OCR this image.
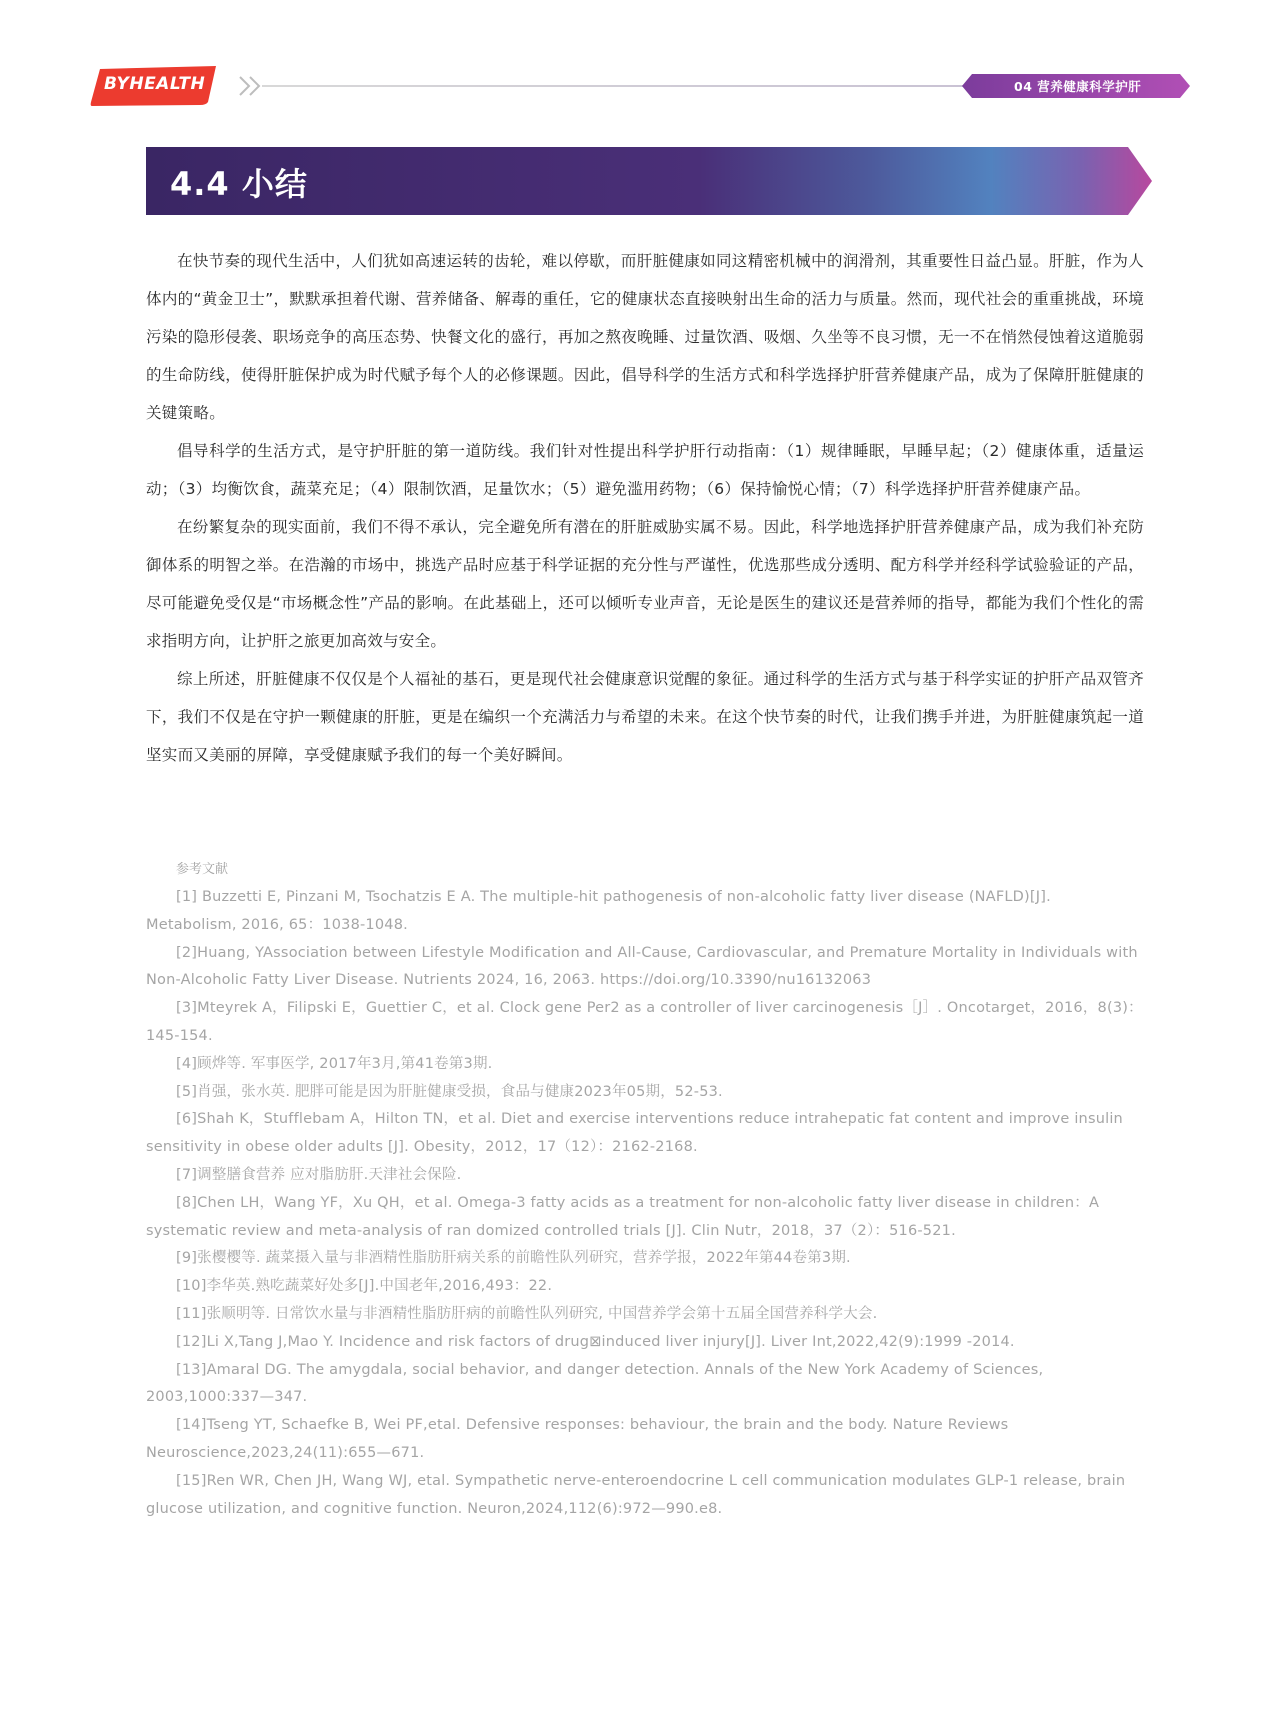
BYHEALTH	04 营养健康科学护肝
4.4 小结

在快节奏的现代生活中，人们犹如高速运转的齿轮，难以停歇，而肝脏健康如同这精密机械中的润滑剂，其重要性日益凸显。肝脏，作为人体内的“黄金卫士”，默默承担着代谢、营养储备、解毒的重任，它的健康状态直接映射出生命的活力与质量。然而，现代社会的重重挑战，环境污染的隐形侵袭、职场竞争的高压态势、快餐文化的盛行，再加之熬夜晚睡、过量饮酒、吸烟、久坐等不良习惯，无一不在悄然侵蚀着这道脆弱的生命防线，使得肝脏保护成为时代赋予每个人的必修课题。因此，倡导科学的生活方式和科学选择护肝营养健康产品，成为了保障肝脏健康的关键策略。

倡导科学的生活方式，是守护肝脏的第一道防线。我们针对性提出科学护肝行动指南：（1）规律睡眠，早睡早起；（2）健康体重，适量运动；（3）均衡饮食，蔬菜充足；（4）限制饮酒，足量饮水；（5）避免滥用药物；（6）保持愉悦心情；（7）科学选择护肝营养健康产品。

在纷繁复杂的现实面前，我们不得不承认，完全避免所有潜在的肝脏威胁实属不易。因此，科学地选择护肝营养健康产品，成为我们补充防御体系的明智之举。在浩瀚的市场中，挑选产品时应基于科学证据的充分性与严谨性，优选那些成分透明、配方科学并经科学试验验证的产品，尽可能避免受仅是“市场概念性”产品的影响。在此基础上，还可以倾听专业声音，无论是医生的建议还是营养师的指导，都能为我们个性化的需求指明方向，让护肝之旅更加高效与安全。

综上所述，肝脏健康不仅仅是个人福祉的基石，更是现代社会健康意识觉醒的象征。通过科学的生活方式与基于科学实证的护肝产品双管齐下，我们不仅是在守护一颗健康的肝脏，更是在编织一个充满活力与希望的未来。在这个快节奏的时代，让我们携手并进，为肝脏健康筑起一道坚实而又美丽的屏障，享受健康赋予我们的每一个美好瞬间。

参考文献

[1] Buzzetti E, Pinzani M, Tsochatzis E A. The multiple-hit pathogenesis of non-alcoholic fatty liver disease (NAFLD)[J]. Metabolism, 2016, 65：1038-1048.
[2]Huang, YAssociation between Lifestyle Modification and All-Cause, Cardiovascular, and Premature Mortality in Individuals with Non-Alcoholic Fatty Liver Disease. Nutrients 2024, 16, 2063. https://doi.org/10.3390/nu16132063
[3]Mteyrek A，Filipski E，Guettier C，et al. Clock gene Per2 as a controller of liver carcinogenesis［J］. Oncotarget，2016，8(3)：145-154.
[4]顾烨等. 军事医学, 2017年3月,第41卷第3期.
[5]肖强，张水英. 肥胖可能是因为肝脏健康受损，食品与健康2023年05期，52-53.
[6]Shah K，Stufflebam A，Hilton TN，et al. Diet and exercise interventions reduce intrahepatic fat content and improve insulin sensitivity in obese older adults [J]. Obesity，2012，17（12）：2162-2168.
[7]调整膳食营养 应对脂肪肝.天津社会保险.
[8]Chen LH，Wang YF，Xu QH，et al. Omega-3 fatty acids as a treatment for non-alcoholic fatty liver disease in children：A systematic review and meta-analysis of ran domized controlled trials [J]. Clin Nutr，2018，37（2）：516-521.
[9]张樱樱等. 蔬菜摄入量与非酒精性脂肪肝病关系的前瞻性队列研究，营养学报，2022年第44卷第3期.
[10]李华英.熟吃蔬菜好处多[J].中国老年,2016,493：22.
[11]张顺明等. 日常饮水量与非酒精性脂肪肝病的前瞻性队列研究, 中国营养学会第十五届全国营养科学大会.
[12]Li X,Tang J,Mao Y. Incidence and risk factors of drug⊠induced liver injury[J]. Liver Int,2022,42(9):1999 -2014.
[13]Amaral DG. The amygdala, social behavior, and danger detection. Annals of the New York Academy of Sciences, 2003,1000:337—347.
[14]Tseng YT, Schaefke B, Wei PF,etal. Defensive responses: behaviour, the brain and the body. Nature Reviews Neuroscience,2023,24(11):655—671.
[15]Ren WR, Chen JH, Wang WJ, etal. Sympathetic nerve-enteroendocrine L cell communication modulates GLP-1 release, brain glucose utilization, and cognitive function. Neuron,2024,112(6):972—990.e8.
